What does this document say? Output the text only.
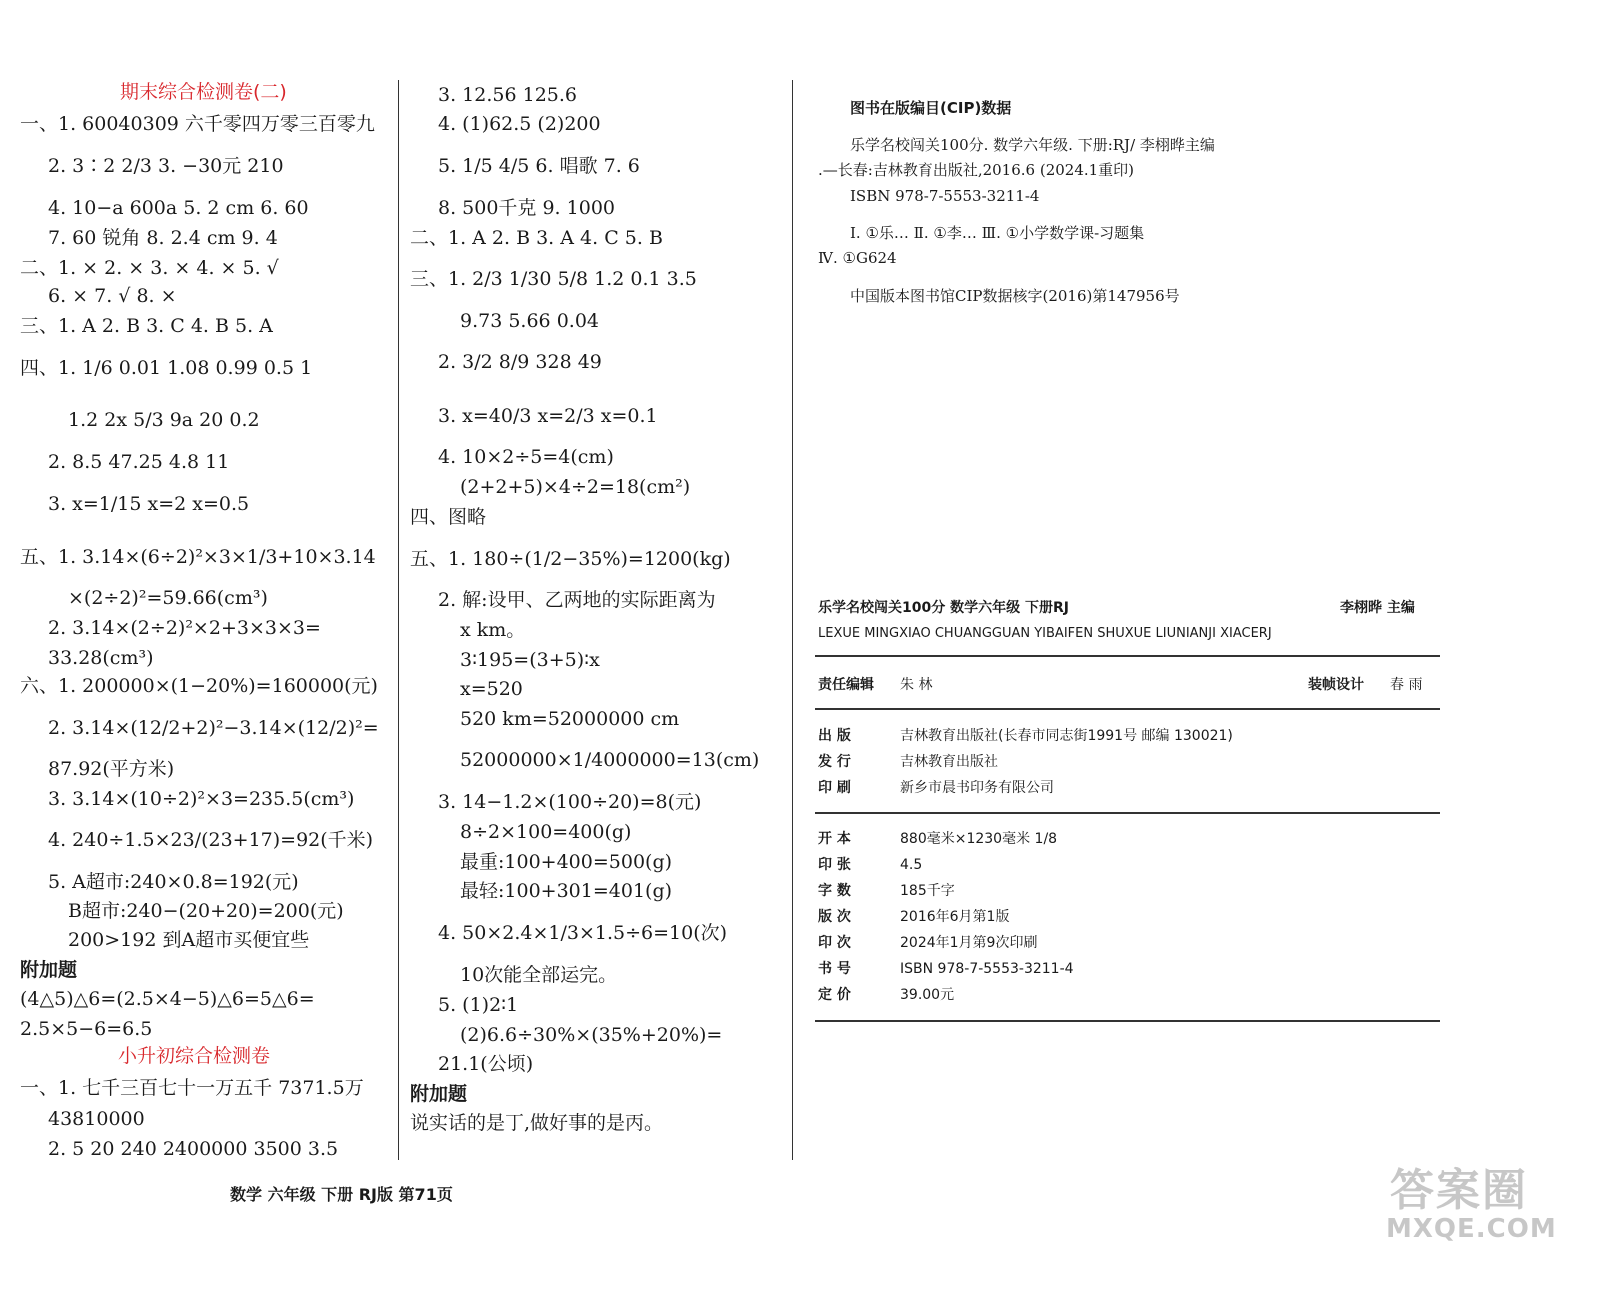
期末综合检测卷(二)
一、1. 60040309 六千零四万零三百零九
2. 3∶2 2/3 3. −30元 210
4. 10−a 600a 5. 2 cm 6. 60
7. 60 锐角 8. 2.4 cm 9. 4
二、1. × 2. × 3. × 4. × 5. √
6. × 7. √ 8. ×
三、1. A 2. B 3. C 4. B 5. A
四、1. 1/6 0.01 1.08 0.99 0.5 1
1.2 2x 5/3 9a 20 0.2
2. 8.5 47.25 4.8 11
3. x=1/15 x=2 x=0.5
五、1. 3.14×(6÷2)²×3×1/3+10×3.14
×(2÷2)²=59.66(cm³)
2. 3.14×(2÷2)²×2+3×3×3=
33.28(cm³)
六、1. 200000×(1−20%)=160000(元)
2. 3.14×(12/2+2)²−3.14×(12/2)²=
87.92(平方米)
3. 3.14×(10÷2)²×3=235.5(cm³)
4. 240÷1.5×23/(23+17)=92(千米)
5. A超市:240×0.8=192(元)
B超市:240−(20+20)=200(元)
200>192 到A超市买便宜些
附加题
(4△5)△6=(2.5×4−5)△6=5△6=
2.5×5−6=6.5
小升初综合检测卷
一、1. 七千三百七十一万五千 7371.5万
43810000
2. 5 20 240 2400000 3500 3.5
3. 12.56 125.6
4. (1)62.5 (2)200
5. 1/5 4/5 6. 唱歌 7. 6
8. 500千克 9. 1000
二、1. A 2. B 3. A 4. C 5. B
三、1. 2/3 1/30 5/8 1.2 0.1 3.5
9.73 5.66 0.04
2. 3/2 8/9 328 49
3. x=40/3 x=2/3 x=0.1
4. 10×2÷5=4(cm)
(2+2+5)×4÷2=18(cm²)
四、图略
五、1. 180÷(1/2−35%)=1200(kg)
2. 解:设甲、乙两地的实际距离为
x km。
3∶195=(3+5)∶x
x=520
520 km=52000000 cm
52000000×1/4000000=13(cm)
3. 14−1.2×(100÷20)=8(元)
8÷2×100=400(g)
最重:100+400=500(g)
最轻:100+301=401(g)
4. 50×2.4×1/3×1.5÷6=10(次)
10次能全部运完。
5. (1)2∶1
(2)6.6÷30%×(35%+20%)=
21.1(公顷)
附加题
说实话的是丁,做好事的是丙。
图书在版编目(CIP)数据
乐学名校闯关100分. 数学六年级. 下册:RJ/ 李栩晔主编
.—长春:吉林教育出版社,2016.6 (2024.1重印)
ISBN 978-7-5553-3211-4
Ⅰ. ①乐… Ⅱ. ①李… Ⅲ. ①小学数学课-习题集
Ⅳ. ①G624
中国版本图书馆CIP数据核字(2016)第147956号
乐学名校闯关100分 数学六年级 下册RJ	李栩晔 主编
LEXUE MINGXIAO CHUANGGUAN YIBAIFEN SHUXUE LIUNIANJI XIACERJ
责任编辑 朱 林	装帧设计 春 雨
出 版	吉林教育出版社(长春市同志街1991号 邮编 130021)
发 行	吉林教育出版社
印 刷	新乡市晨书印务有限公司
开 本	880毫米×1230毫米 1/8
印 张	4.5
字 数	185千字
版 次	2016年6月第1版
印 次	2024年1月第9次印刷
书 号	ISBN 978-7-5553-3211-4
定 价	39.00元
数学 六年级 下册 RJ版 第71页	答案圈
MXQE.COM
